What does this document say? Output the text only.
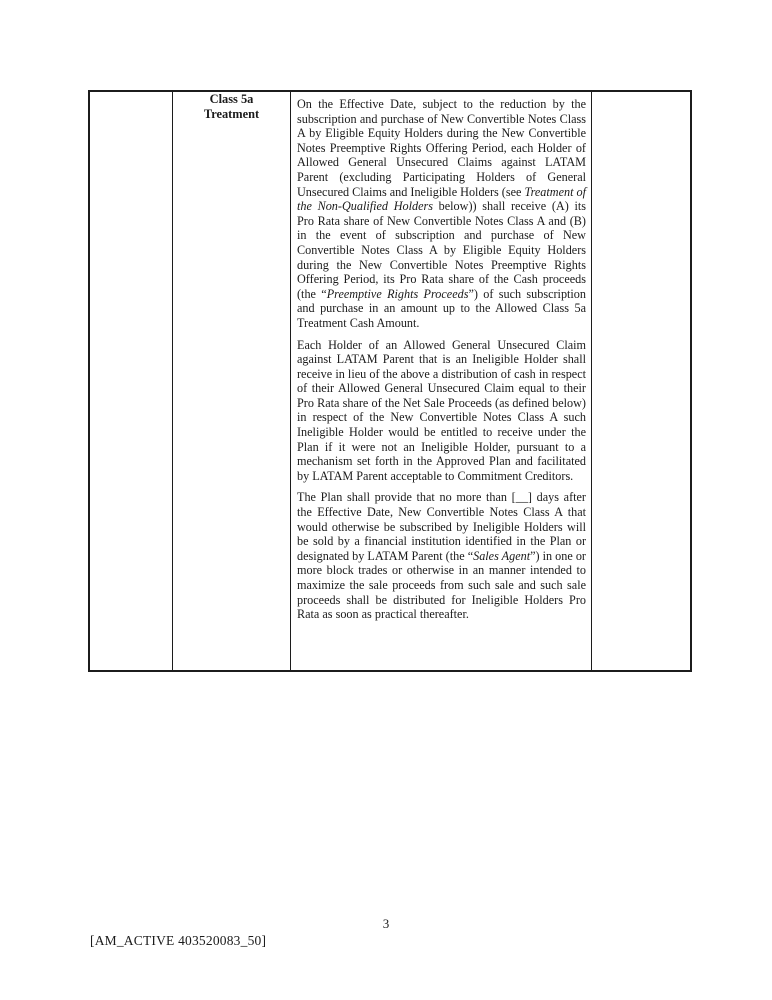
Class 5a Treatment

On the Effective Date, subject to the reduction by the subscription and purchase of New Convertible Notes Class A by Eligible Equity Holders during the New Convertible Notes Preemptive Rights Offering Period, each Holder of Allowed General Unsecured Claims against LATAM Parent (excluding Participating Holders of General Unsecured Claims and Ineligible Holders (see Treatment of the Non-Qualified Holders below)) shall receive (A) its Pro Rata share of New Convertible Notes Class A and (B) in the event of subscription and purchase of New Convertible Notes Class A by Eligible Equity Holders during the New Convertible Notes Preemptive Rights Offering Period, its Pro Rata share of the Cash proceeds (the “Preemptive Rights Proceeds”) of such subscription and purchase in an amount up to the Allowed Class 5a Treatment Cash Amount.

Each Holder of an Allowed General Unsecured Claim against LATAM Parent that is an Ineligible Holder shall receive in lieu of the above a distribution of cash in respect of their Allowed General Unsecured Claim equal to their Pro Rata share of the Net Sale Proceeds (as defined below) in respect of the New Convertible Notes Class A such Ineligible Holder would be entitled to receive under the Plan if it were not an Ineligible Holder, pursuant to a mechanism set forth in the Approved Plan and facilitated by LATAM Parent acceptable to Commitment Creditors.

The Plan shall provide that no more than [__] days after the Effective Date, New Convertible Notes Class A that would otherwise be subscribed by Ineligible Holders will be sold by a financial institution identified in the Plan or designated by LATAM Parent (the “Sales Agent”) in one or more block trades or otherwise in an manner intended to maximize the sale proceeds from such sale and such sale proceeds shall be distributed for Ineligible Holders Pro Rata as soon as practical thereafter.

3
[AM_ACTIVE 403520083_50]
